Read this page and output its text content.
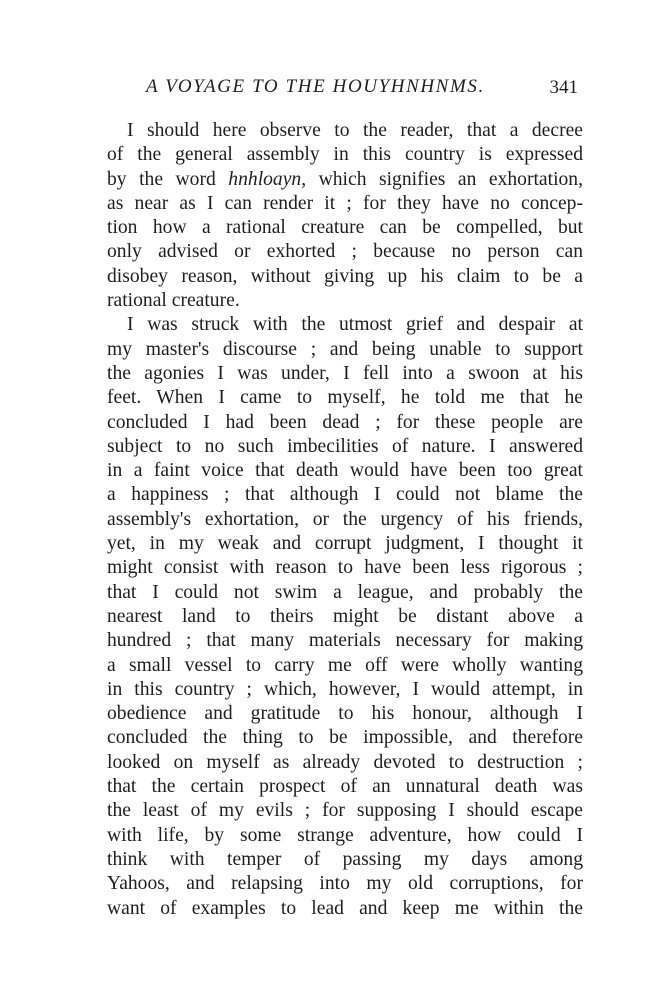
A VOYAGE TO THE HOUYHNHNMS.	341
I should here observe to the reader, that a decree
of the general assembly in this country is expressed
by the word hnhloayn, which signifies an exhortation,
as near as I can render it ; for they have no concep-
tion how a rational creature can be compelled, but
only advised or exhorted ; because no person can
disobey reason, without giving up his claim to be a
rational creature.
I was struck with the utmost grief and despair at
my master's discourse ; and being unable to support
the agonies I was under, I fell into a swoon at his
feet. When I came to myself, he told me that he
concluded I had been dead ; for these people are
subject to no such imbecilities of nature. I answered
in a faint voice that death would have been too great
a happiness ; that although I could not blame the
assembly's exhortation, or the urgency of his friends,
yet, in my weak and corrupt judgment, I thought it
might consist with reason to have been less rigorous ;
that I could not swim a league, and probably the
nearest land to theirs might be distant above a
hundred ; that many materials necessary for making
a small vessel to carry me off were wholly wanting
in this country ; which, however, I would attempt, in
obedience and gratitude to his honour, although I
concluded the thing to be impossible, and therefore
looked on myself as already devoted to destruction ;
that the certain prospect of an unnatural death was
the least of my evils ; for supposing I should escape
with life, by some strange adventure, how could I
think with temper of passing my days among
Yahoos, and relapsing into my old corruptions, for
want of examples to lead and keep me within the
